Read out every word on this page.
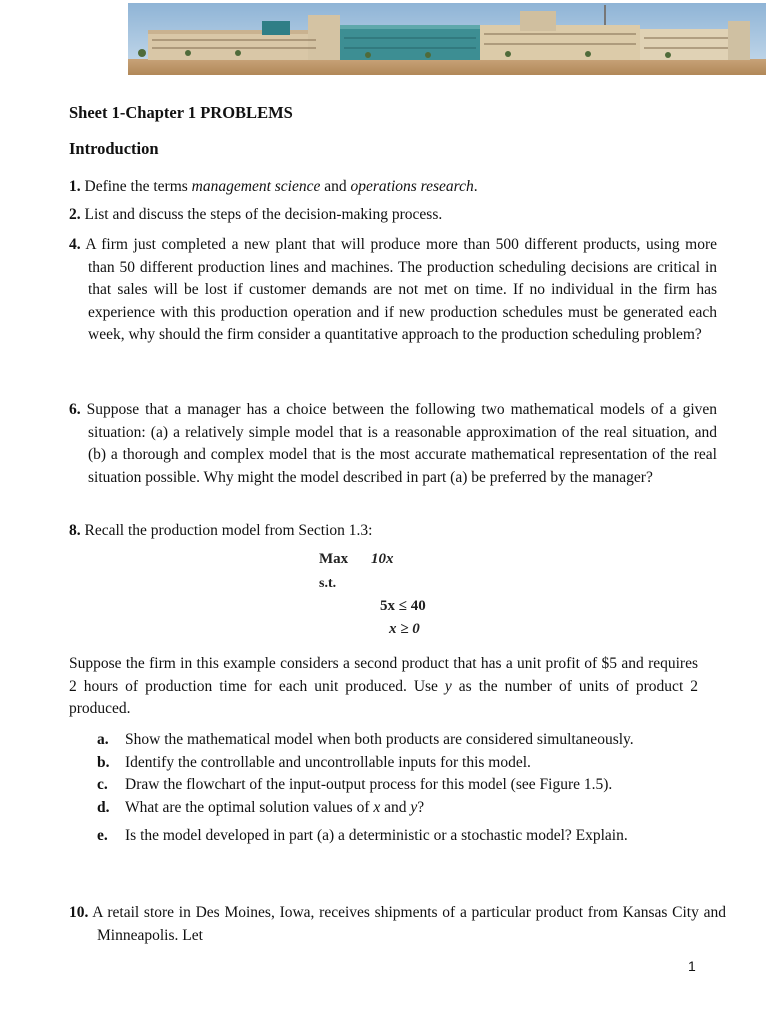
Sheet 1-Chapter 1 PROBLEMS
Introduction
1. Define the terms management science and operations research.
2. List and discuss the steps of the decision-making process.
4. A firm just completed a new plant that will produce more than 500 different products, using more than 50 different production lines and machines. The production scheduling decisions are critical in that sales will be lost if customer demands are not met on time. If no individual in the firm has experience with this production operation and if new production schedules must be generated each week, why should the firm consider a quantitative approach to the production scheduling problem?
6. Suppose that a manager has a choice between the following two mathematical models of a given situation: (a) a relatively simple model that is a reasonable approximation of the real situation, and (b) a thorough and complex model that is the most accurate mathematical representation of the real situation possible. Why might the model described in part (a) be preferred by the manager?
8. Recall the production model from Section 1.3:
Max 10x
s.t.
5x ≤ 40
x ≥ 0
Suppose the firm in this example considers a second product that has a unit profit of $5 and requires 2 hours of production time for each unit produced. Use y as the number of units of product 2 produced.
a. Show the mathematical model when both products are considered simultaneously.
b. Identify the controllable and uncontrollable inputs for this model.
c. Draw the flowchart of the input-output process for this model (see Figure 1.5).
d. What are the optimal solution values of x and y?
e. Is the model developed in part (a) a deterministic or a stochastic model? Explain.
10. A retail store in Des Moines, Iowa, receives shipments of a particular product from Kansas City and Minneapolis. Let
1
